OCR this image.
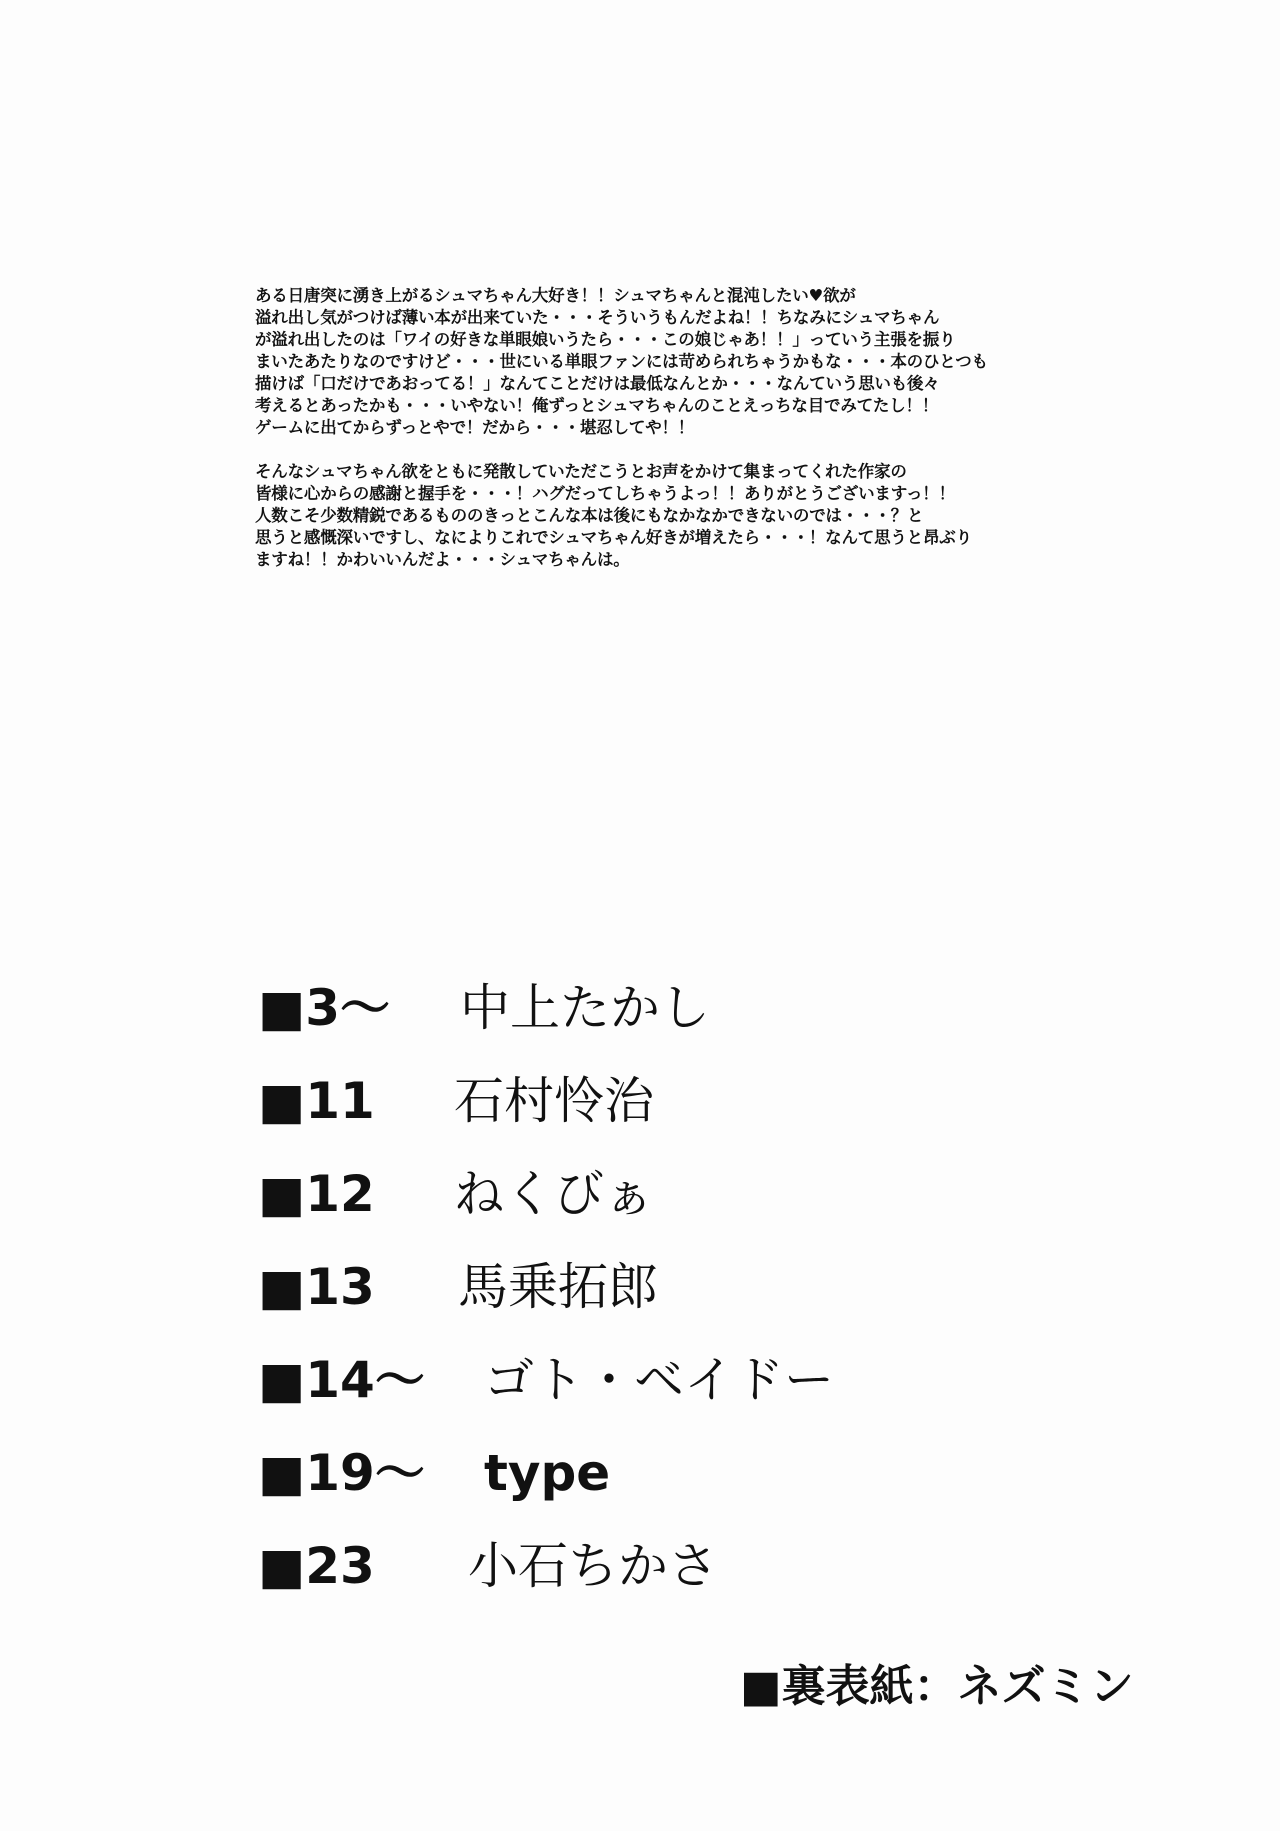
ある日唐突に湧き上がるシュマちゃん大好き！！シュマちゃんと混沌したい♥欲が
溢れ出し気がつけば薄い本が出来ていた・・・そういうもんだよね！！ちなみにシュマちゃん
が溢れ出したのは「ワイの好きな単眼娘いうたら・・・この娘じゃあ！！」っていう主張を振り
まいたあたりなのですけど・・・世にいる単眼ファンには苛められちゃうかもな・・・本のひとつも
描けば「口だけであおってる！」なんてことだけは最低なんとか・・・なんていう思いも後々
考えるとあったかも・・・いやない！俺ずっとシュマちゃんのことえっちな目でみてたし！！
ゲームに出てからずっとやで！だから・・・堪忍してや！！

そんなシュマちゃん欲をともに発散していただこうとお声をかけて集まってくれた作家の
皆様に心からの感謝と握手を・・・！ハグだってしちゃうよっ！！ありがとうございますっ！！
人数こそ少数精鋭であるもののきっとこんな本は後にもなかなかできないのでは・・・？と
思うと感慨深いですし、なによりこれでシュマちゃん好きが増えたら・・・！なんて思うと昂ぶり
ますね！！かわいいんだよ・・・シュマちゃんは。

■3～ 中上たかし
■11 石村怜治
■12 ねくびぁ
■13 馬乗拓郎
■14～ ゴト・ベイドー
■19～ type
■23 小石ちかさ
■裏表紙：ネズミン
